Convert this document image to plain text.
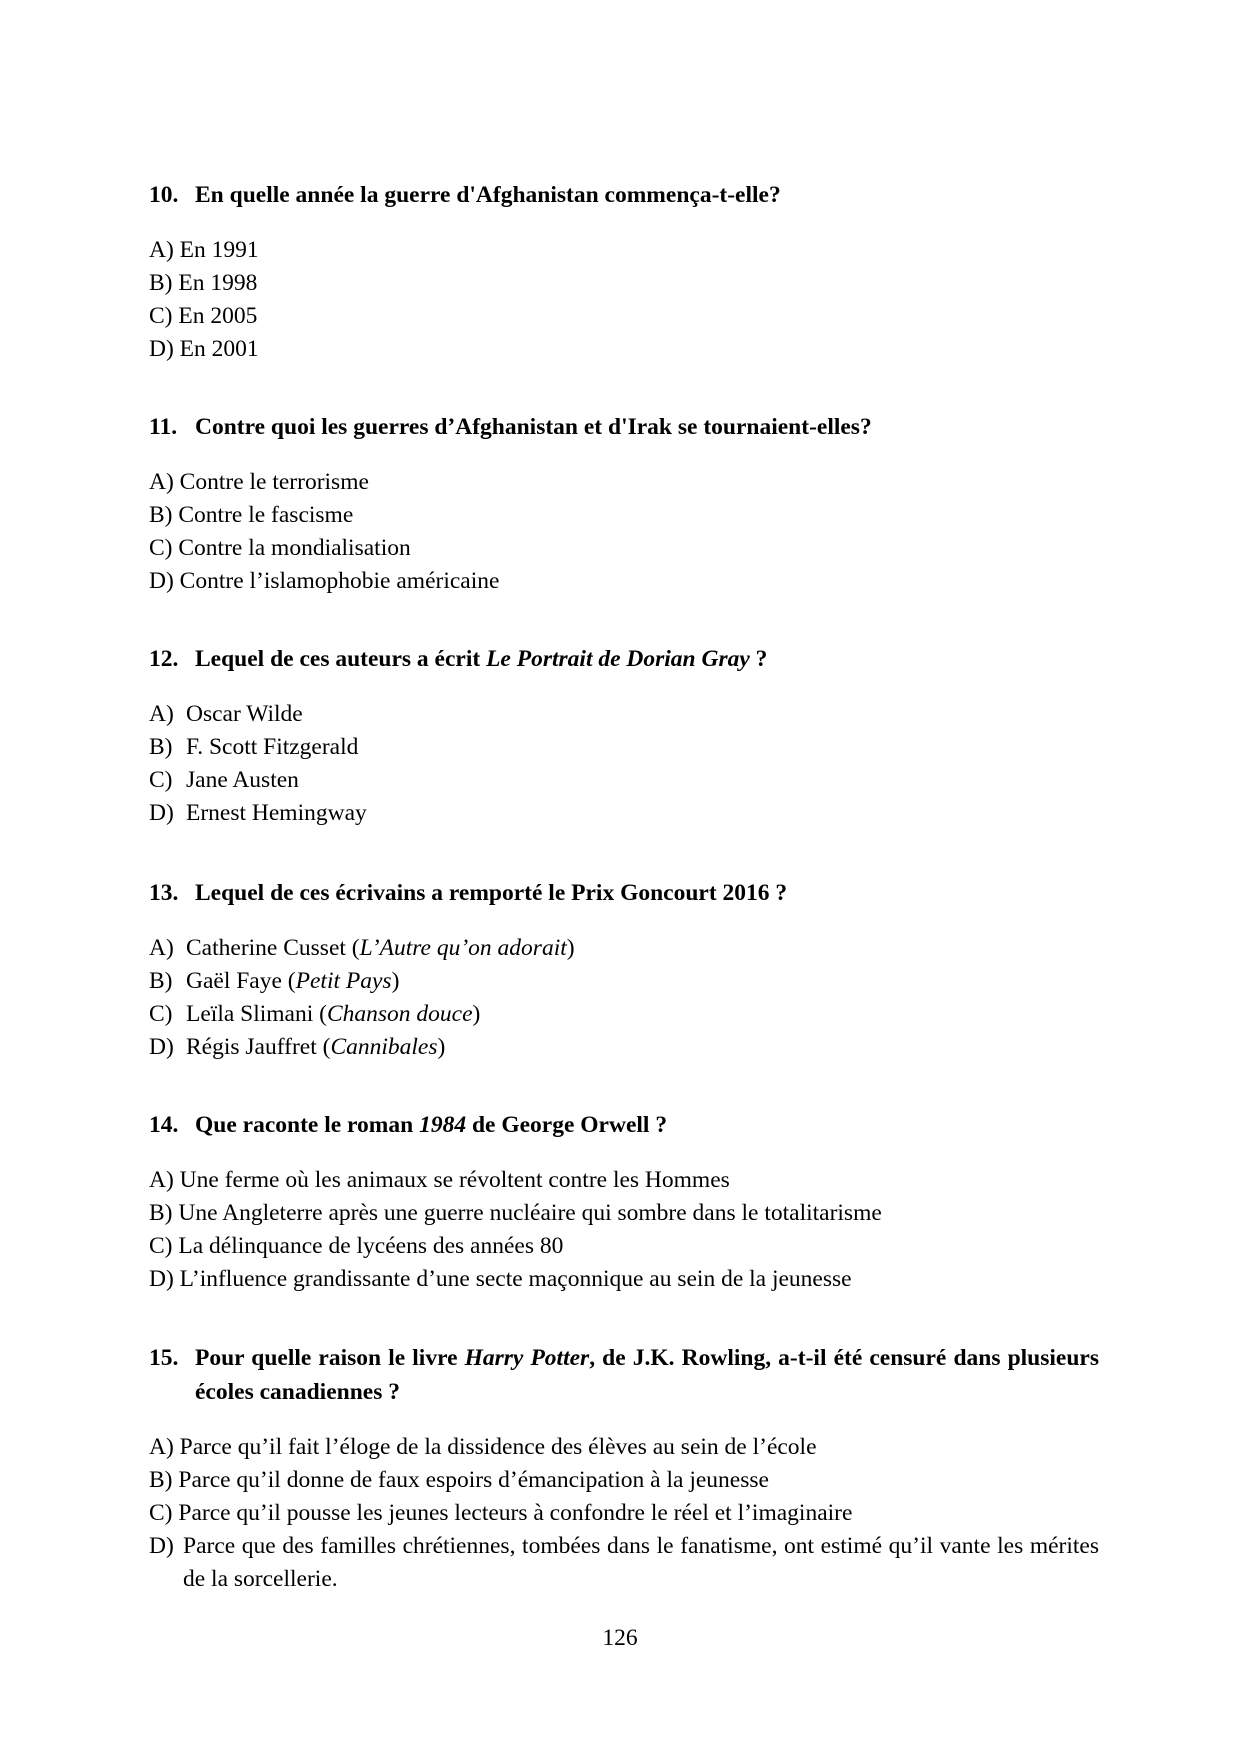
10. En quelle année la guerre d'Afghanistan commença-t-elle?
A)
En 1991
B)
En 1998
C)
En 2005
D)
En 2001
11. Contre quoi les guerres d’Afghanistan et d'Irak se tournaient-elles?
A)
Contre le terrorisme
B)
Contre le fascisme
C)
Contre la mondialisation
D)
Contre l’islamophobie américaine
12. Lequel de ces auteurs a écrit Le Portrait de Dorian Gray ?
A) Oscar Wilde
B) F. Scott Fitzgerald
C) Jane Austen
D) Ernest Hemingway
13. Lequel de ces écrivains a remporté le Prix Goncourt 2016 ?
A) Catherine Cusset (L’Autre qu’on adorait)
B) Gaël Faye (Petit Pays)
C) Leïla Slimani (Chanson douce)
D) Régis Jauffret (Cannibales)
14. Que raconte le roman 1984 de George Orwell ?
A)
Une ferme où les animaux se révoltent contre les Hommes
B)
Une Angleterre après une guerre nucléaire qui sombre dans le totalitarisme
C)
La délinquance de lycéens des années 80
D)
L’influence grandissante d’une secte maçonnique au sein de la jeunesse
15. Pour quelle raison le livre Harry Potter, de J.K. Rowling, a-t-il été censuré dans plusieurs écoles canadiennes ?
A)
Parce qu’il fait l’éloge de la dissidence des élèves au sein de l’école
B)
Parce qu’il donne de faux espoirs d’émancipation à la jeunesse
C)
Parce qu’il pousse les jeunes lecteurs à confondre le réel et l’imaginaire
D) Parce que des familles chrétiennes, tombées dans le fanatisme, ont estimé qu’il vante les mérites de la sorcellerie.
126
